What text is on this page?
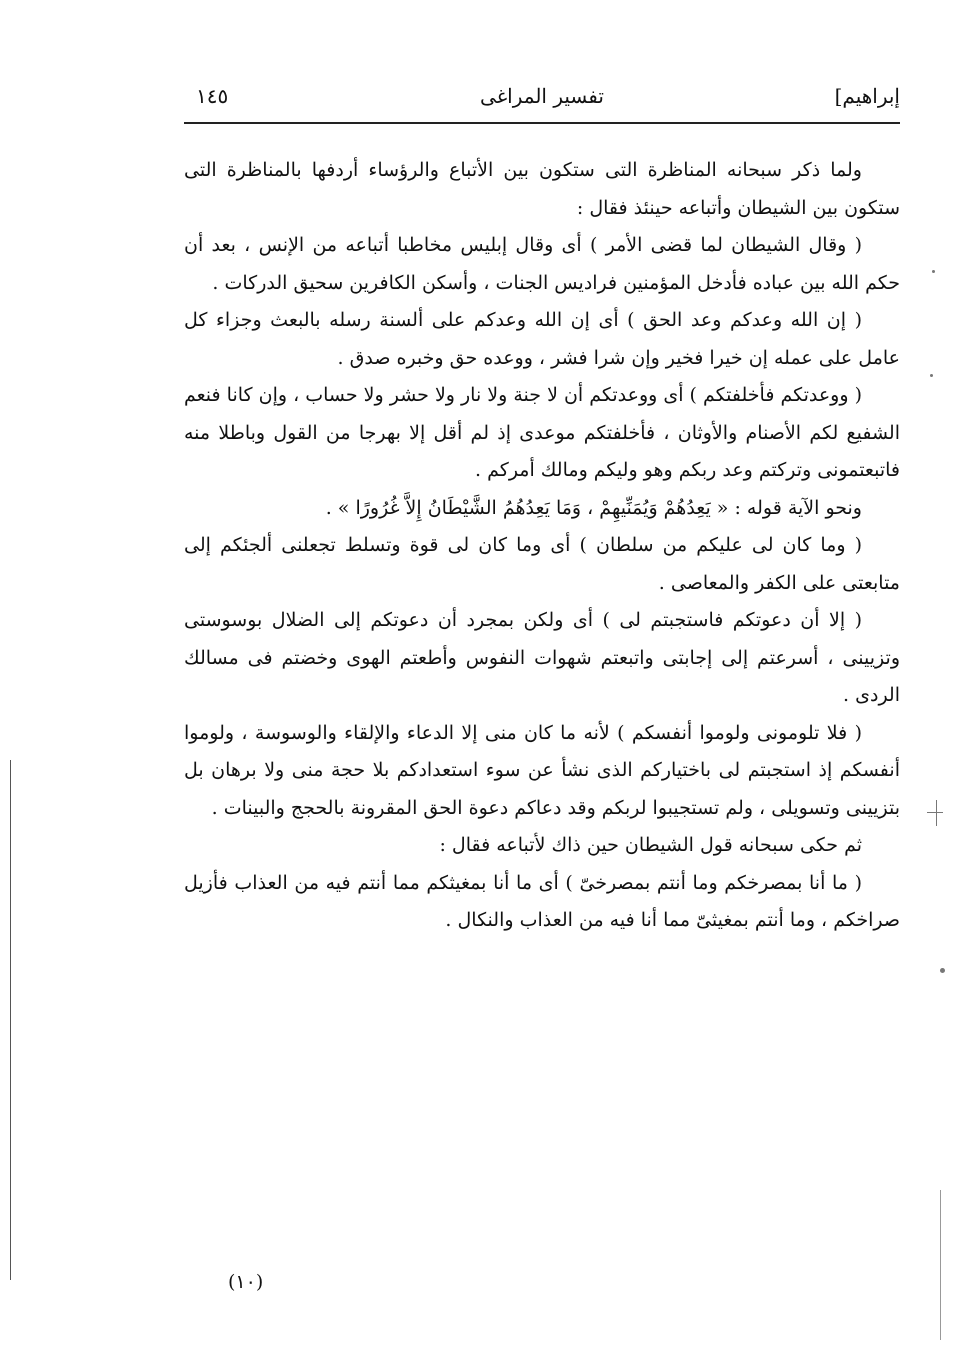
إبراهيم]
تفسير المراغى
١٤٥

ولما ذكر سبحانه المناظرة التى ستكون بين الأتباع والرؤساء أردفها بالمناظرة التى ستكون بين الشيطان وأتباعه حينئذ فقال :

( وقال الشيطان لما قضى الأمر ) أى وقال إبليس مخاطبا أتباعه من الإنس ، بعد أن حكم الله بين عباده فأدخل المؤمنين فراديس الجنات ، وأسكن الكافرين سحيق الدركات .

( إن الله وعدكم وعد الحق ) أى إن الله وعدكم على ألسنة رسله بالبعث وجزاء كل عامل على عمله إن خيرا فخير وإن شرا فشر ، ووعده حق وخبره صدق .

( ووعدتكم فأخلفتكم ) أى ووعدتكم أن لا جنة ولا نار ولا حشر ولا حساب ، وإن كانا فنعم الشفيع لكم الأصنام والأوثان ، فأخلفتكم موعدى إذ لم أقل إلا بهرجا من القول وباطلا منه فاتبعتمونى وتركتم وعد ربكم وهو وليكم ومالك أمركم .

ونحو الآية قوله : « يَعِدُهُمْ وَيُمَنِّيهِمْ ، وَمَا يَعِدُهُمُ الشَّيْطَانُ إِلاَّ غُرُورًا » .

( وما كان لى عليكم من سلطان ) أى وما كان لى قوة وتسلط تجعلنى ألجئكم إلى متابعتى على الكفر والمعاصى .

( إلا أن دعوتكم فاستجبتم لى ) أى ولكن بمجرد أن دعوتكم إلى الضلال بوسوستى وتزيينى ، أسرعتم إلى إجابتى واتبعتم شهوات النفوس وأطعتم الهوى وخضتم فى مسالك الردى .

( فلا تلومونى ولوموا أنفسكم ) لأنه ما كان منى إلا الدعاء والإلقاء والوسوسة ، ولوموا أنفسكم إذ استجبتم لى باختياركم الذى نشأ عن سوء استعدادكم بلا حجة منى ولا برهان بل بتزيينى وتسويلى ، ولم تستجيبوا لربكم وقد دعاكم دعوة الحق المقرونة بالحجج والبينات .

ثم حكى سبحانه قول الشيطان حين ذاك لأتباعه فقال :

( ما أنا بمصرخكم وما أنتم بمصرخىّ ) أى ما أنا بمغيثكم مما أنتم فيه من العذاب فأزيل صراخكم ، وما أنتم بمغيثىّ مما أنا فيه من العذاب والنكال .

(١٠)
